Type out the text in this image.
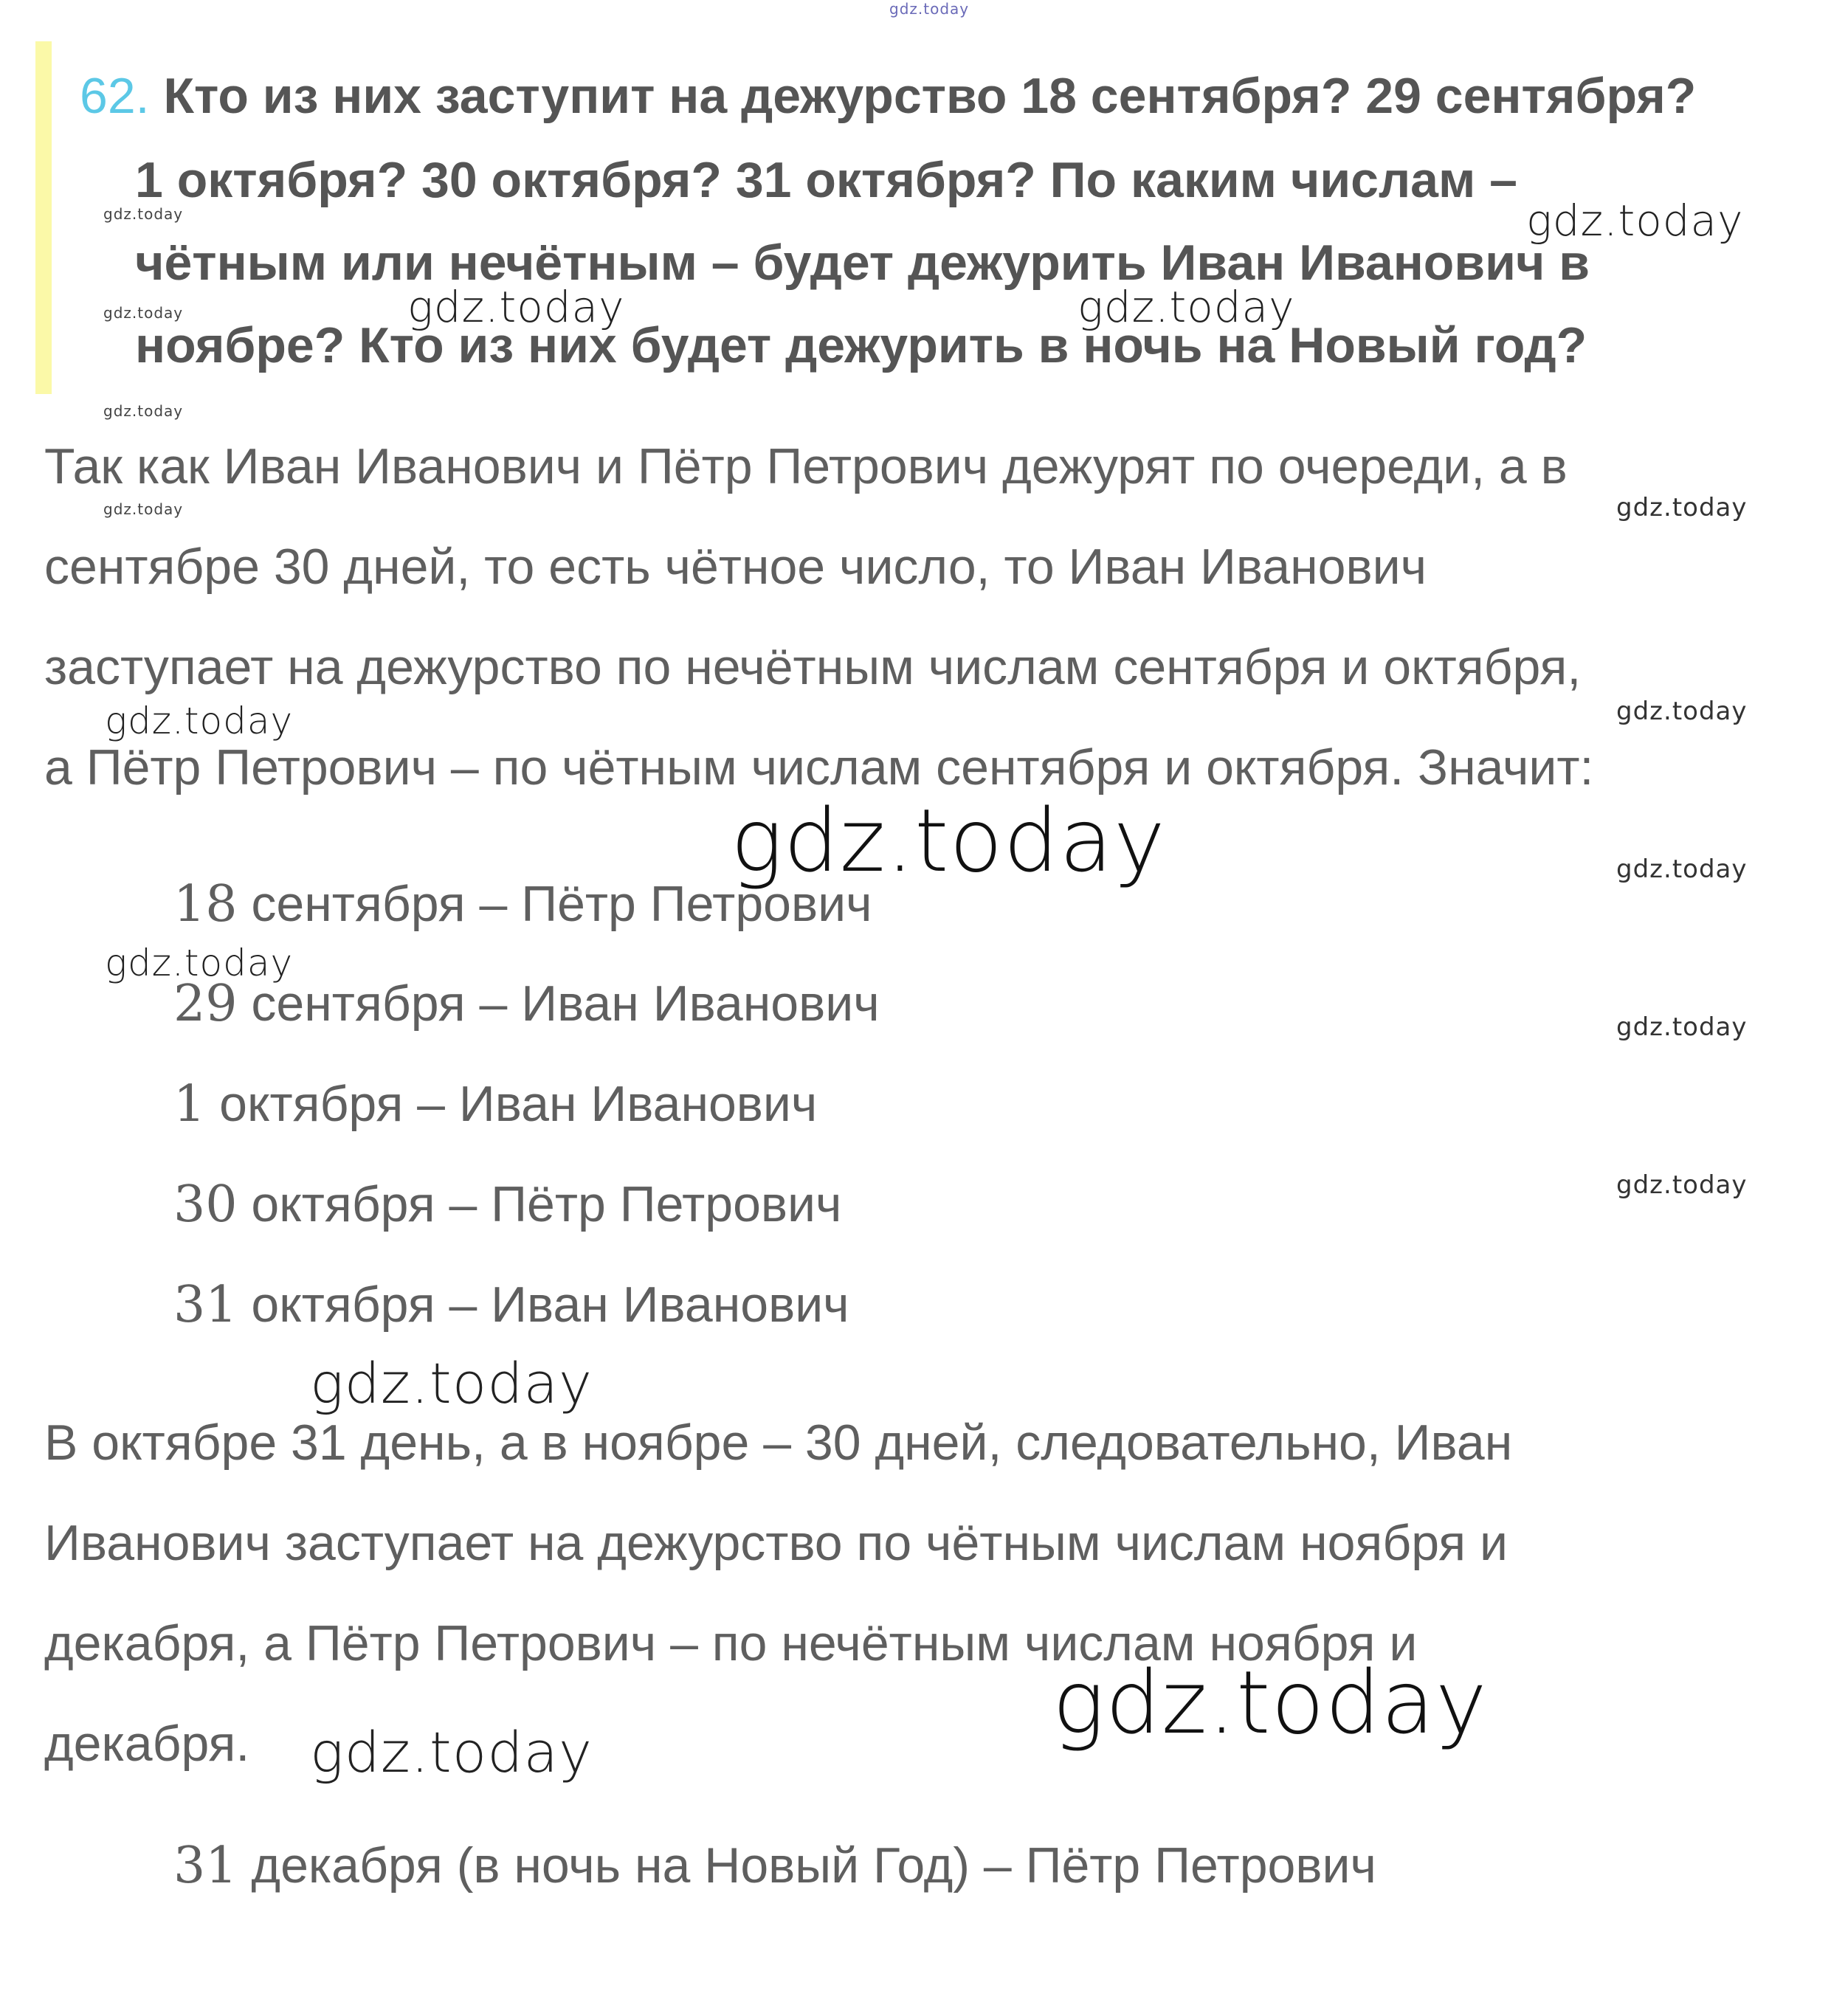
gdz.today
62. Кто из них заступит на дежурство 18 сентября? 29 сентября?
1 октября? 30 октября? 31 октября? По каким числам –
чётным или нечётным – будет дежурить Иван Иванович в
ноябре? Кто из них будет дежурить в ночь на Новый год?
Так как Иван Иванович и Пётр Петрович дежурят по очереди, а в
сентябре 30 дней, то есть чётное число, то Иван Иванович
заступает на дежурство по нечётным числам сентября и октября,
а Пётр Петрович – по чётным числам сентября и октября. Значит:
18 сентября – Пётр Петрович
29 сентября – Иван Иванович
1 октября – Иван Иванович
30 октября – Пётр Петрович
31 октября – Иван Иванович
В октябре 31 день, а в ноябре – 30 дней, следовательно, Иван
Иванович заступает на дежурство по чётным числам ноября и
декабря, а Пётр Петрович – по нечётным числам ноября и
декабря.
31 декабря (в ночь на Новый Год) – Пётр Петрович
gdz.today
gdz.today
gdz.today
gdz.today
gdz.today
gdz.today	gdz.today
gdz.today
gdz.today
gdz.today
gdz.today
gdz.today
gdz.today
gdz.today
gdz.today
gdz.today
gdz.today	gdz.today
